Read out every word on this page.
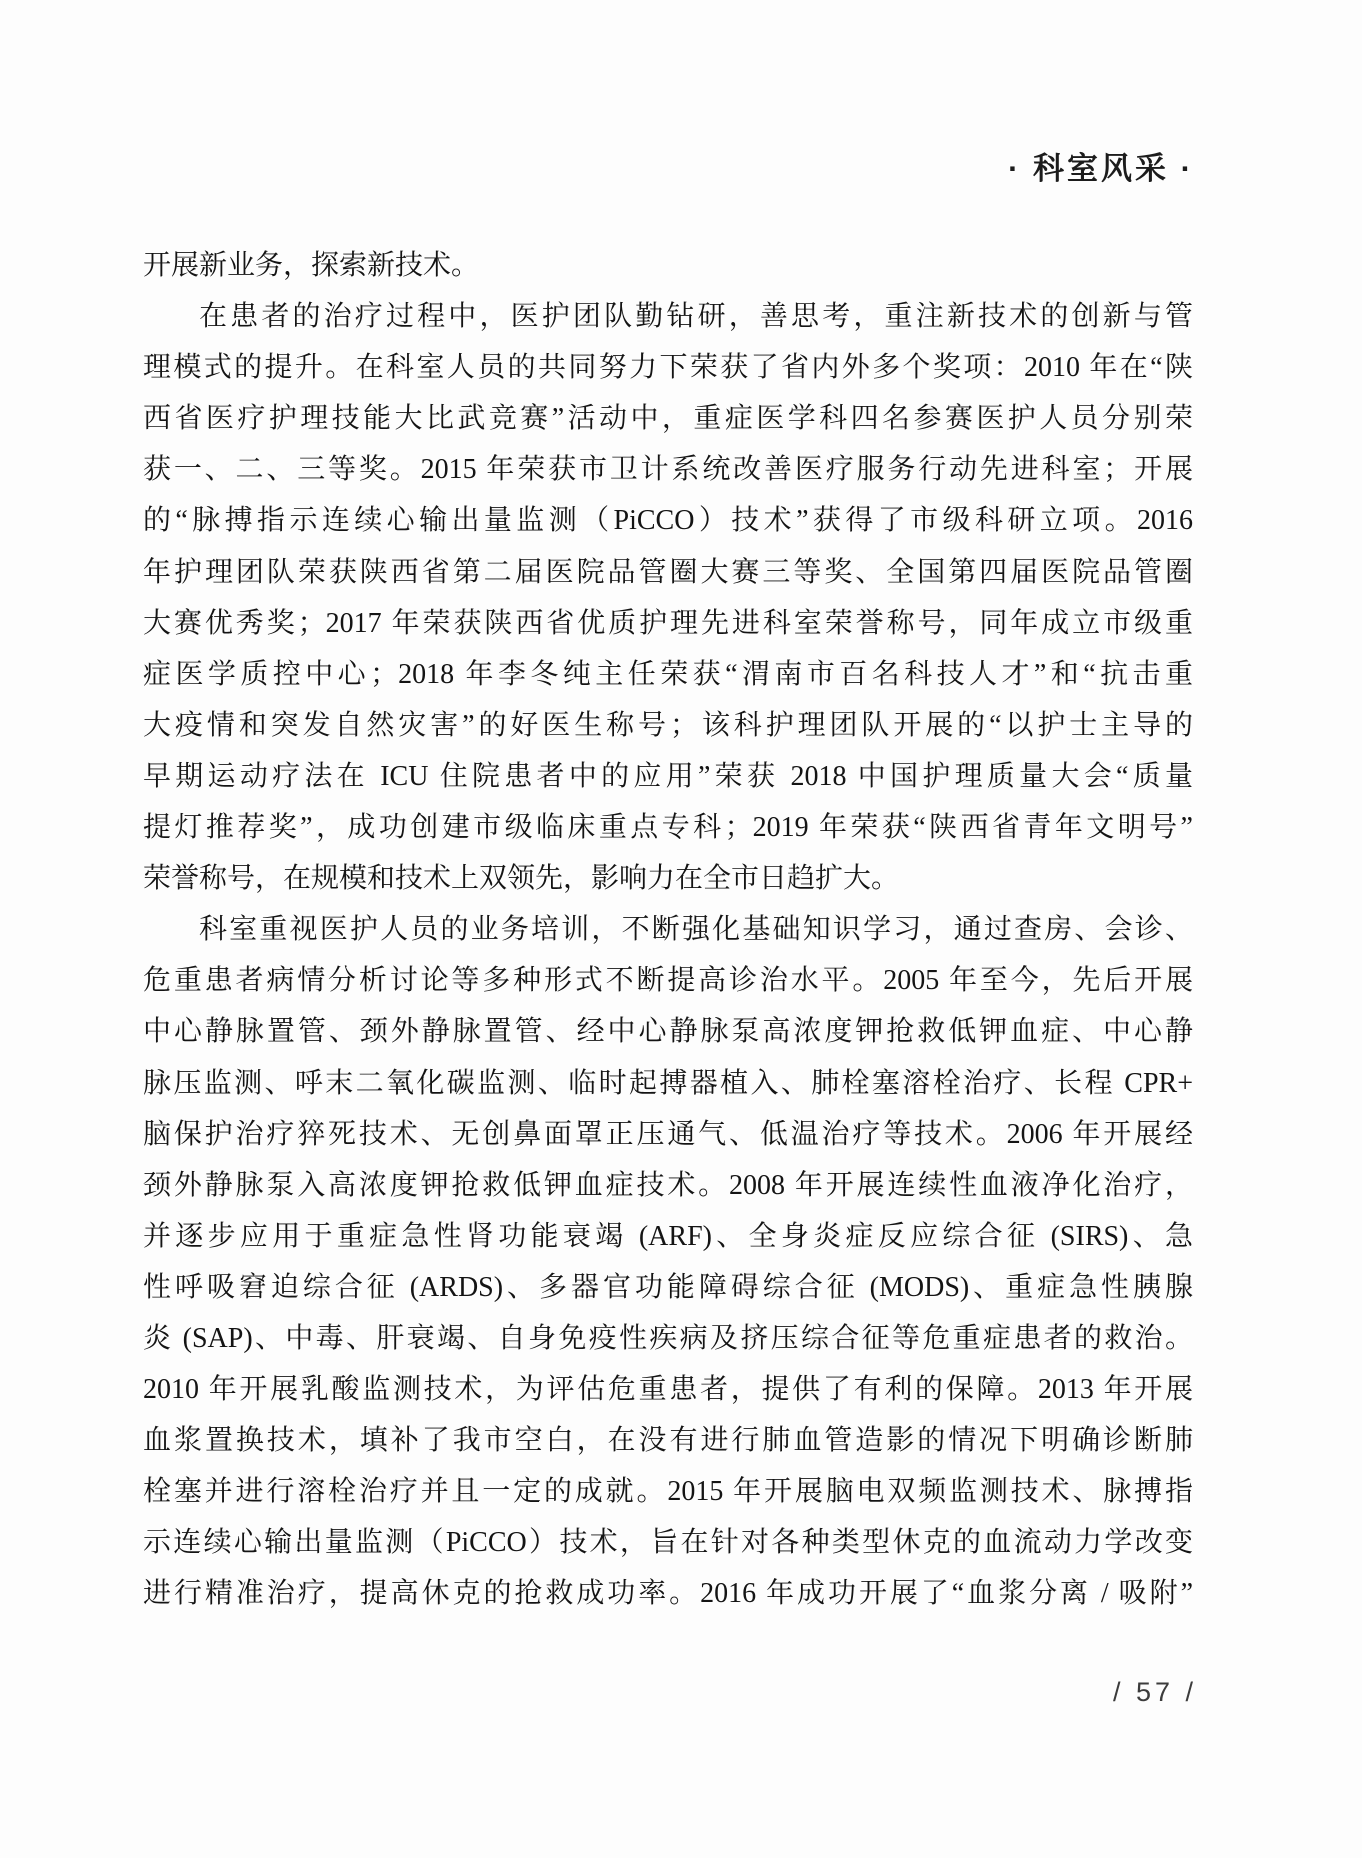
· 科室风采 ·
开展新业务，探索新技术。
在患者的治疗过程中，医护团队勤钻研，善思考，重注新技术的创新与管
理模式的提升。在科室人员的共同努力下荣获了省内外多个奖项：2010 年在“陕
西省医疗护理技能大比武竞赛”活动中，重症医学科四名参赛医护人员分别荣
获一、二、三等奖。2015 年荣获市卫计系统改善医疗服务行动先进科室；开展
的“脉搏指示连续心输出量监测（PiCCO）技术”获得了市级科研立项。2016
年护理团队荣获陕西省第二届医院品管圈大赛三等奖、全国第四届医院品管圈
大赛优秀奖；2017 年荣获陕西省优质护理先进科室荣誉称号，同年成立市级重
症医学质控中心；2018 年李冬纯主任荣获“渭南市百名科技人才”和“抗击重
大疫情和突发自然灾害”的好医生称号；该科护理团队开展的“以护士主导的
早期运动疗法在 ICU 住院患者中的应用”荣获 2018 中国护理质量大会“质量
提灯推荐奖”，成功创建市级临床重点专科；2019 年荣获“陕西省青年文明号”
荣誉称号，在规模和技术上双领先，影响力在全市日趋扩大。
科室重视医护人员的业务培训，不断强化基础知识学习，通过查房、会诊、
危重患者病情分析讨论等多种形式不断提高诊治水平。2005 年至今，先后开展
中心静脉置管、颈外静脉置管、经中心静脉泵高浓度钾抢救低钾血症、中心静
脉压监测、呼末二氧化碳监测、临时起搏器植入、肺栓塞溶栓治疗、长程 CPR+
脑保护治疗猝死技术、无创鼻面罩正压通气、低温治疗等技术。2006 年开展经
颈外静脉泵入高浓度钾抢救低钾血症技术。2008 年开展连续性血液净化治疗，
并逐步应用于重症急性肾功能衰竭 (ARF)、全身炎症反应综合征 (SIRS)、急
性呼吸窘迫综合征 (ARDS)、多器官功能障碍综合征 (MODS)、重症急性胰腺
炎 (SAP)、中毒、肝衰竭、自身免疫性疾病及挤压综合征等危重症患者的救治。
2010 年开展乳酸监测技术，为评估危重患者，提供了有利的保障。2013 年开展
血浆置换技术，填补了我市空白，在没有进行肺血管造影的情况下明确诊断肺
栓塞并进行溶栓治疗并且一定的成就。2015 年开展脑电双频监测技术、脉搏指
示连续心输出量监测（PiCCO）技术，旨在针对各种类型休克的血流动力学改变
进行精准治疗，提高休克的抢救成功率。2016 年成功开展了“血浆分离 / 吸附”
/ 57 /
